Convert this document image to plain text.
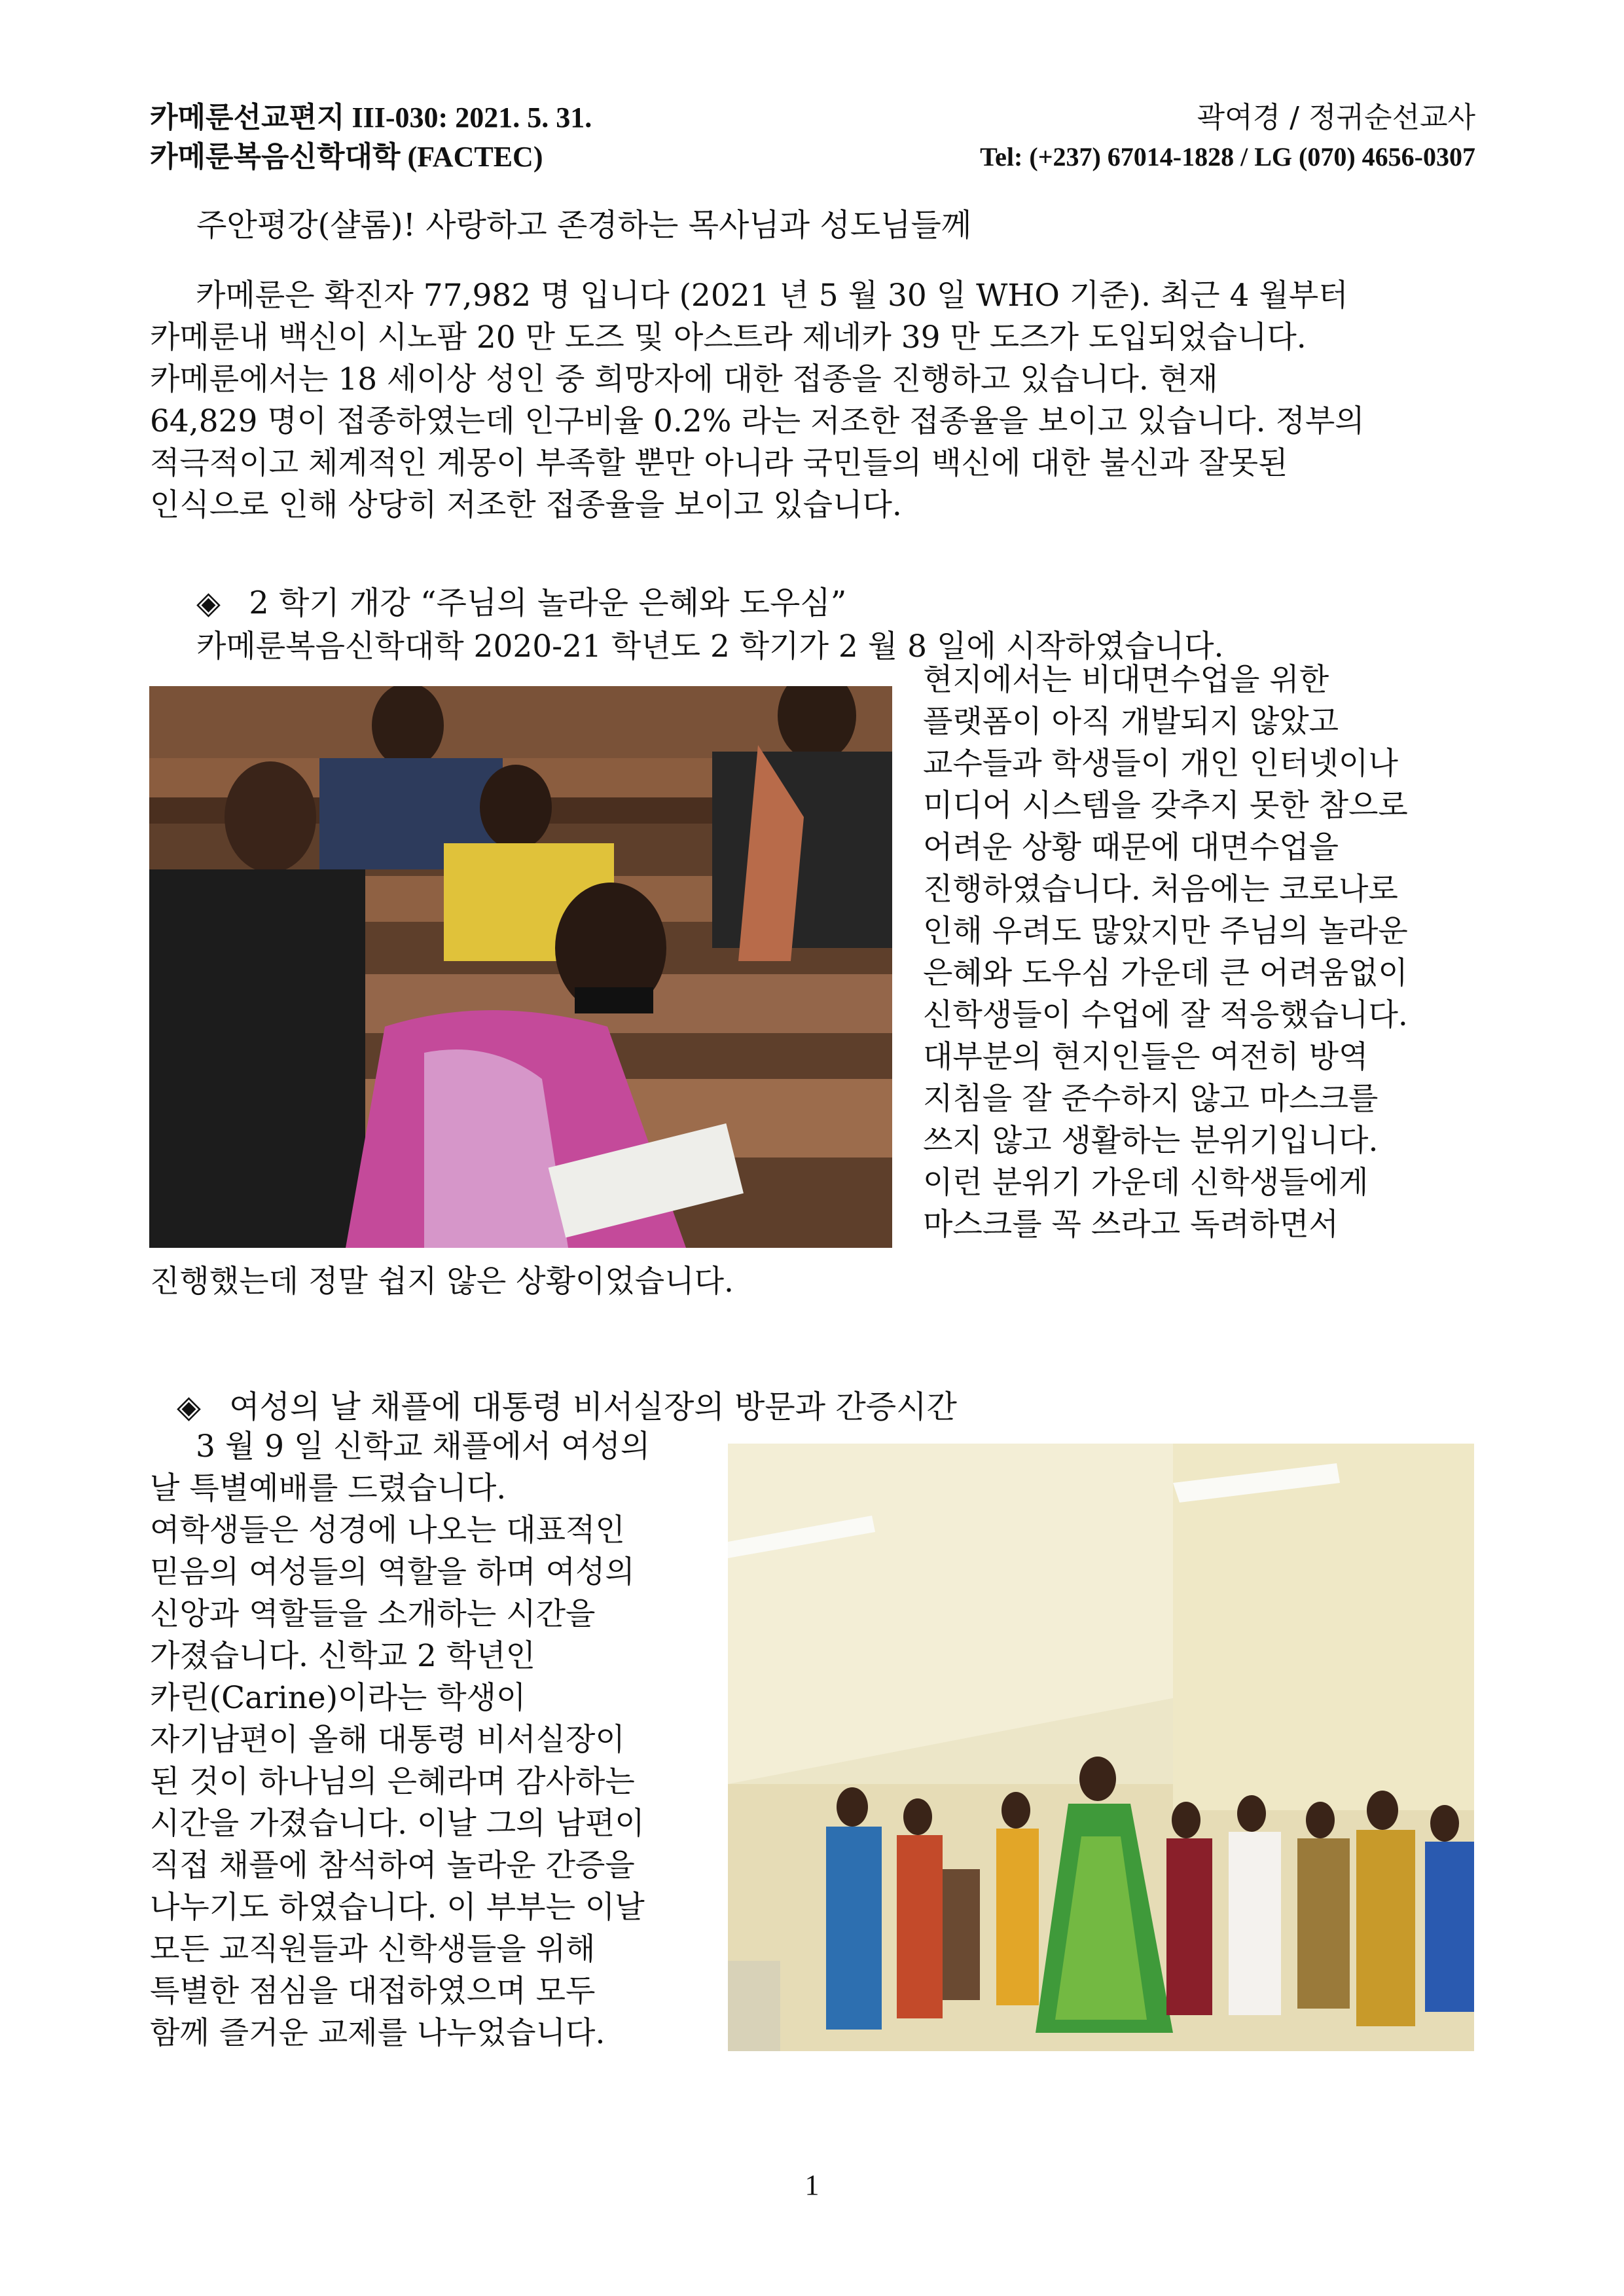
카메룬선교편지 III-030: 2021. 5. 31.
카메룬복음신학대학 (FACTEC)
곽여경 / 정귀순선교사
Tel: (+237) 67014-1828 / LG (070) 4656-0307
주안평강(샬롬)! 사랑하고 존경하는 목사님과 성도님들께
카메룬은 확진자 77,982 명 입니다 (2021 년 5 월 30 일 WHO 기준). 최근 4 월부터
카메룬내 백신이 시노팜 20 만 도즈 및 아스트라 제네카 39 만 도즈가 도입되었습니다.
카메룬에서는 18 세이상 성인 중 희망자에 대한 접종을 진행하고 있습니다. 현재
64,829 명이 접종하였는데 인구비율 0.2% 라는 저조한 접종율을 보이고 있습니다. 정부의
적극적이고 체계적인 계몽이 부족할 뿐만 아니라 국민들의 백신에 대한 불신과 잘못된
인식으로 인해 상당히 저조한 접종율을 보이고 있습니다.
◈ 2 학기 개강 “주님의 놀라운 은혜와 도우심”
카메룬복음신학대학 2020-21 학년도 2 학기가 2 월 8 일에 시작하였습니다.
현지에서는 비대면수업을 위한
플랫폼이 아직 개발되지 않았고
교수들과 학생들이 개인 인터넷이나
미디어 시스템을 갖추지 못한 참으로
어려운 상황 때문에 대면수업을
진행하였습니다. 처음에는 코로나로
인해 우려도 많았지만 주님의 놀라운
은혜와 도우심 가운데 큰 어려움없이
신학생들이 수업에 잘 적응했습니다.
대부분의 현지인들은 여전히 방역
지침을 잘 준수하지 않고 마스크를
쓰지 않고 생활하는 분위기입니다.
이런 분위기 가운데 신학생들에게
마스크를 꼭 쓰라고 독려하면서
진행했는데 정말 쉽지 않은 상황이었습니다.
◈ 여성의 날 채플에 대통령 비서실장의 방문과 간증시간
3 월 9 일 신학교 채플에서 여성의
날 특별예배를 드렸습니다.
여학생들은 성경에 나오는 대표적인
믿음의 여성들의 역할을 하며 여성의
신앙과 역할들을 소개하는 시간을
가졌습니다. 신학교 2 학년인
카린(Carine)이라는 학생이
자기남편이 올해 대통령 비서실장이
된 것이 하나님의 은혜라며 감사하는
시간을 가졌습니다. 이날 그의 남편이
직접 채플에 참석하여 놀라운 간증을
나누기도 하였습니다. 이 부부는 이날
모든 교직원들과 신학생들을 위해
특별한 점심을 대접하였으며 모두
함께 즐거운 교제를 나누었습니다.
1
